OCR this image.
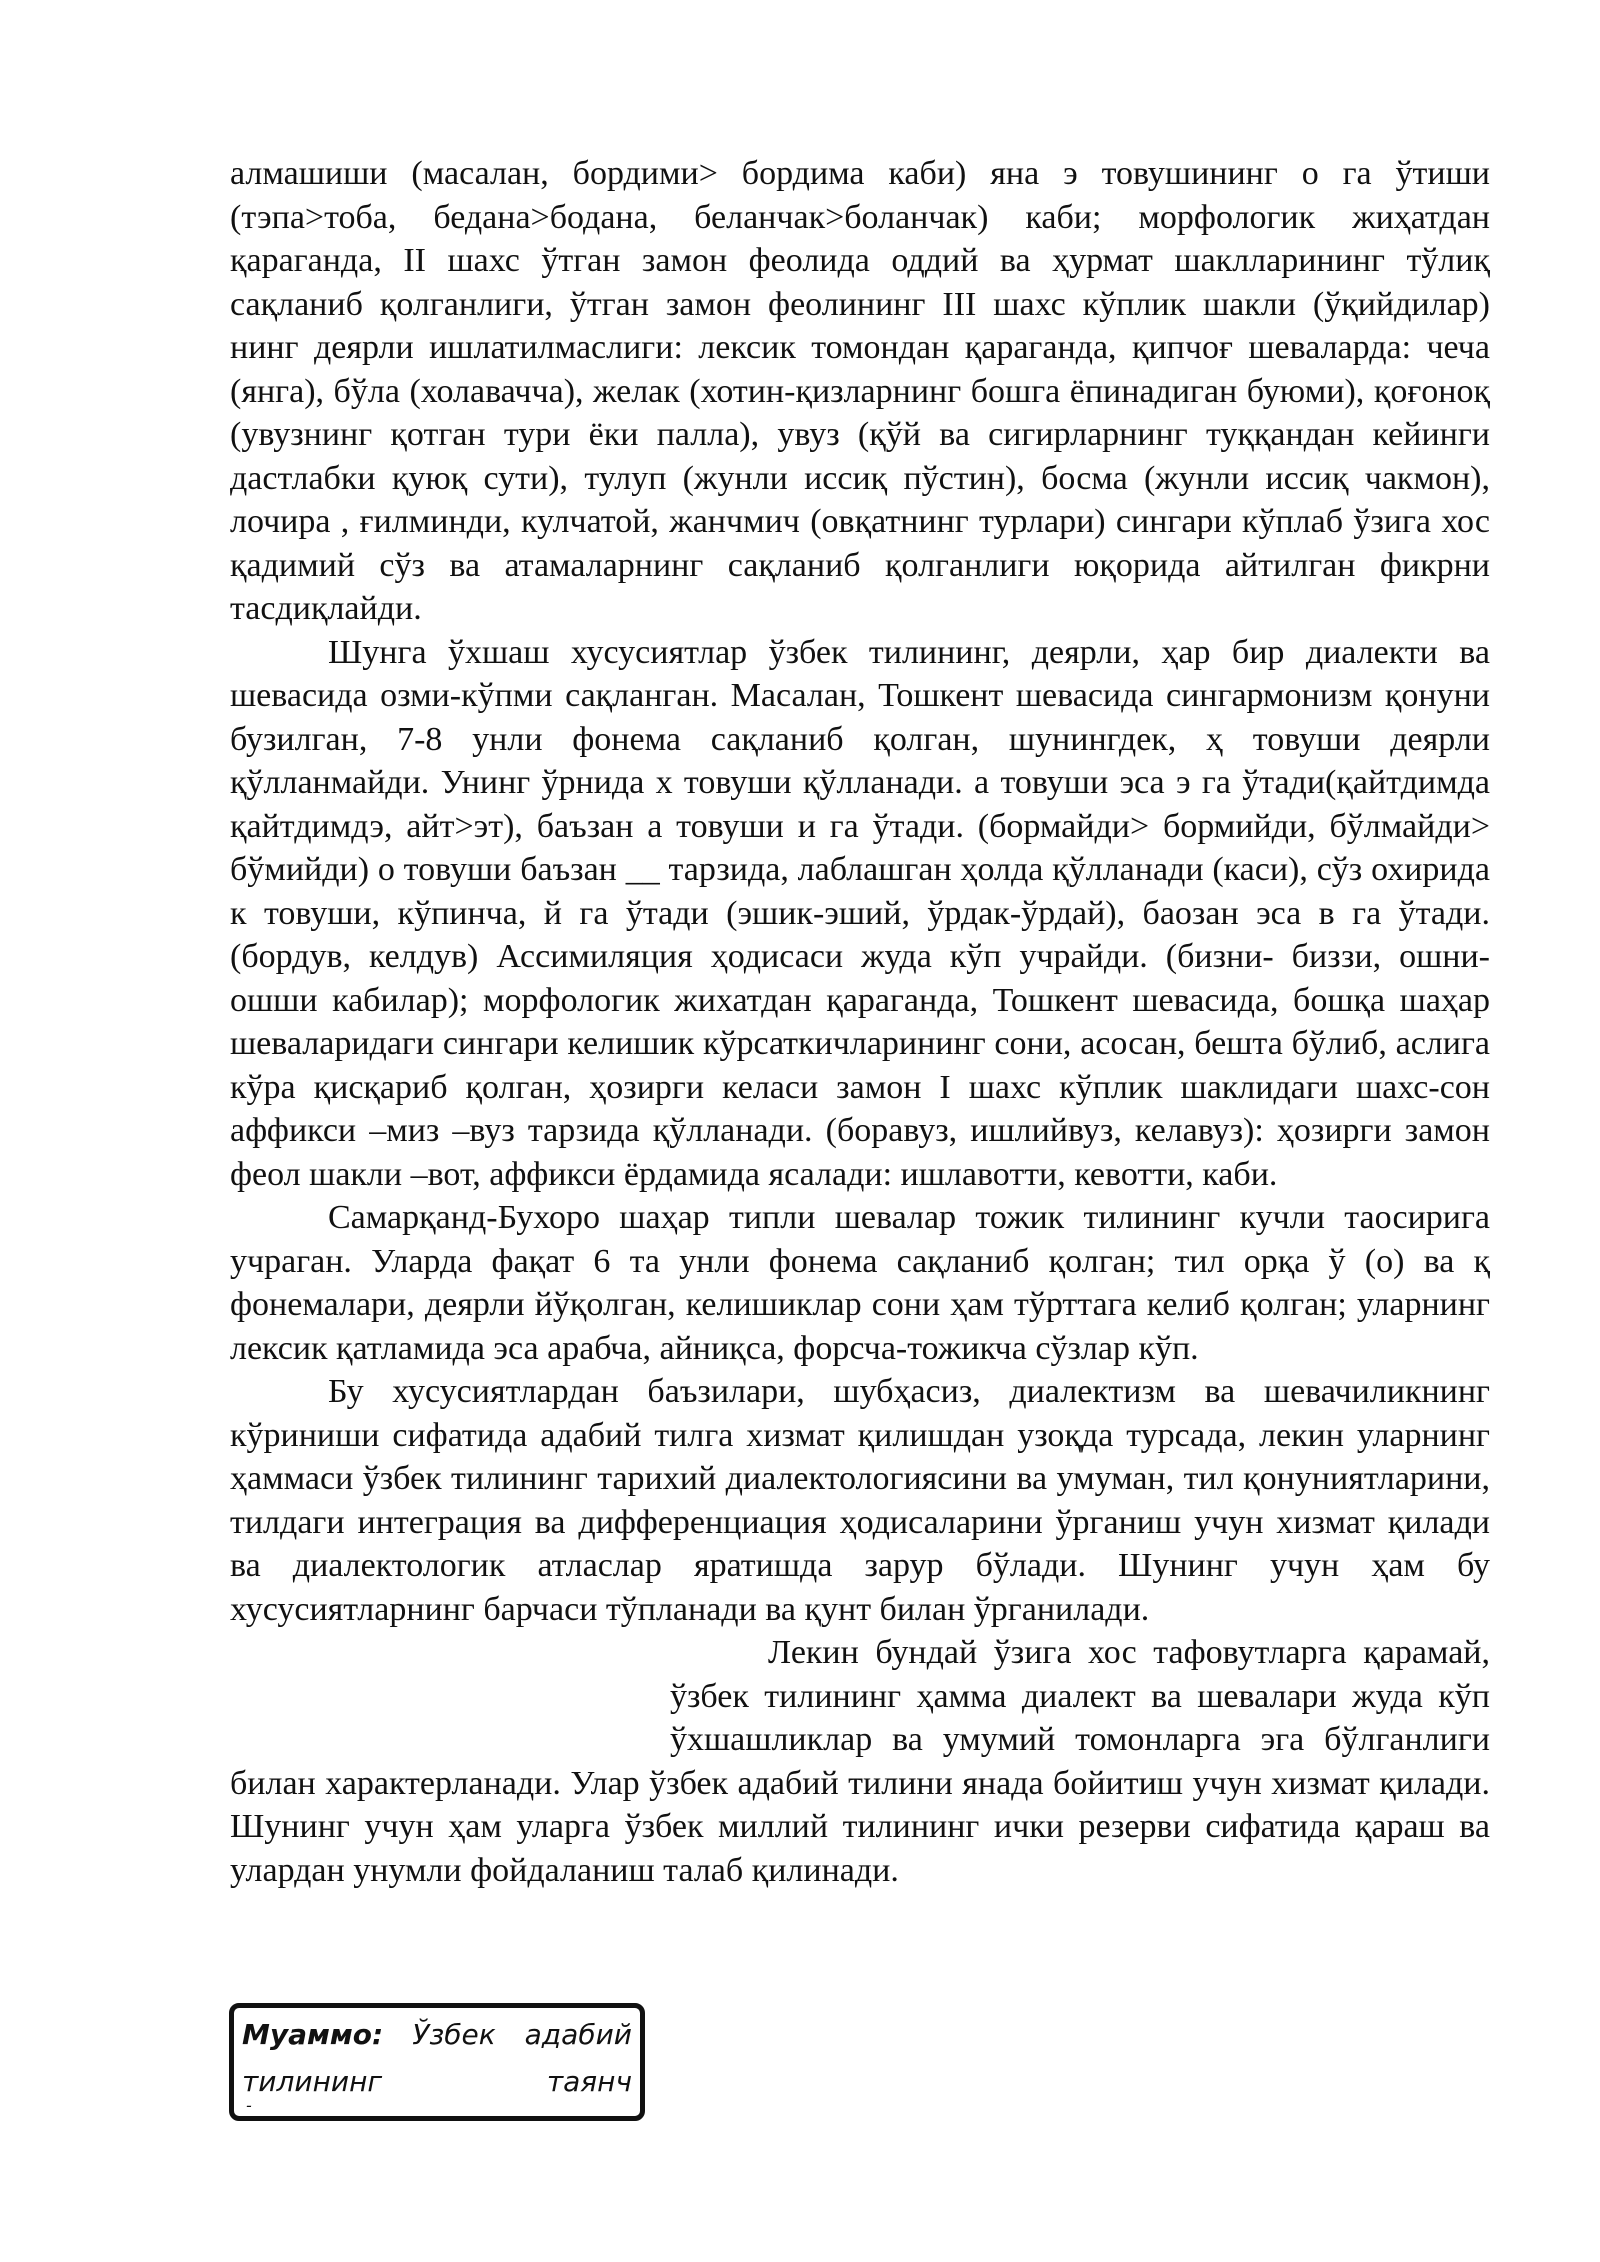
алмашиши (масалан, бордими> бордима каби) яна э товушининг о га ўтиши (тэпа>тоба, бедана>бодана, беланчак>боланчак) каби; морфологик жиҳатдан қараганда, II шахс ўтган замон феолида оддий ва ҳурмат шаклларининг тўлиқ сақланиб қолганлиги, ўтган замон феолининг III шахс кўплик шакли (ўқийдилар) нинг деярли ишлатилмаслиги: лексик томондан қараганда, қипчоғ шеваларда: чеча (янга), бўла (холавачча), желак (хотин-қизларнинг бошга ёпинадиган буюми), қоғоноқ (увузнинг қотган тури ёки палла), увуз (қўй ва сигирларнинг туққандан кейинги дастлабки қуюқ сути), тулуп (жунли иссиқ пўстин), босма (жунли иссиқ чакмон), лочира , ғилминди, кулчатой, жанчмич (овқатнинг турлари) сингари кўплаб ўзига хос қадимий сўз ва атамаларнинг сақланиб қолганлиги юқорида айтилган фикрни тасдиқлайди.

Шунга ўхшаш хусусиятлар ўзбек тилининг, деярли, ҳар бир диалекти ва шевасида озми-кўпми сақланган. Масалан, Тошкент шевасида сингармонизм қонуни бузилган, 7-8 унли фонема сақланиб қолган, шунингдек, ҳ товуши деярли қўлланмайди. Унинг ўрнида х товуши қўлланади. а товуши эса э га ўтади(қайтдимда қайтдимдэ, айт>эт), баъзан а товуши и га ўтади. (бормайди> бормийди, бўлмайди> бўмийди) о товуши баъзан __ тарзида, лаблашган ҳолда қўлланади (каси), сўз охирида к товуши, кўпинча, й га ўтади (эшик-эший, ўрдак-ўрдай), баозан эса в га ўтади. (бордув, келдув) Ассимиляция ҳодисаси жуда кўп учрайди. (бизни- биззи, ошни-ошши кабилар); морфологик жихатдан қараганда, Тошкент шевасида, бошқа шаҳар шеваларидаги сингари келишик кўрсаткичларининг сони, асосан, бешта бўлиб, аслига кўра қисқариб қолган, ҳозирги келаси замон I шахс кўплик шаклидаги шахс-сон аффикси –миз –вуз тарзида қўлланади. (боравуз, ишлийвуз, келавуз): ҳозирги замон феол шакли –вот, аффикси ёрдамида ясалади: ишлавотти, кевотти, каби.

Самарқанд-Бухоро шаҳар типли шевалар тожик тилининг кучли таосирига учраган. Уларда фақат 6 та унли фонема сақланиб қолган; тил орқа ў (о) ва қ фонемалари, деярли йўқолган, келишиклар сони ҳам тўрттага келиб қолган; уларнинг лексик қатламида эса арабча, айниқса, форсча-тожикча сўзлар кўп.

Бу хусусиятлардан баъзилари, шубҳасиз, диалектизм ва шевачиликнинг кўриниши сифатида адабий тилга хизмат қилишдан узоқда турсада, лекин уларнинг ҳаммаси ўзбек тилининг тарихий диалектологиясини ва умуман, тил қонуниятларини, тилдаги интеграция ва дифференциация ҳодисаларини ўрганиш учун хизмат қилади ва диалектологик атласлар яратишда зарур бўлади. Шунинг учун ҳам бу хусусиятларнинг барчаси тўпланади ва қунт билан ўрганилади.

Лекин бундай ўзига хос тафовутларга қарамай, ўзбек тилининг ҳамма диалект ва шевалари жуда кўп ўхшашликлар ва умумий томонларга эга бўлганлиги билан характерланади. Улар ўзбек адабий тилини янада бойитиш учун хизмат қилади. Шунинг учун ҳам уларга ўзбек миллий тилининг ички резерви сифатида қараш ва улардан унумли фойдаланиш талаб қилинади.

Муаммо: Ўзбек адабий
тилининг	таянч
-
